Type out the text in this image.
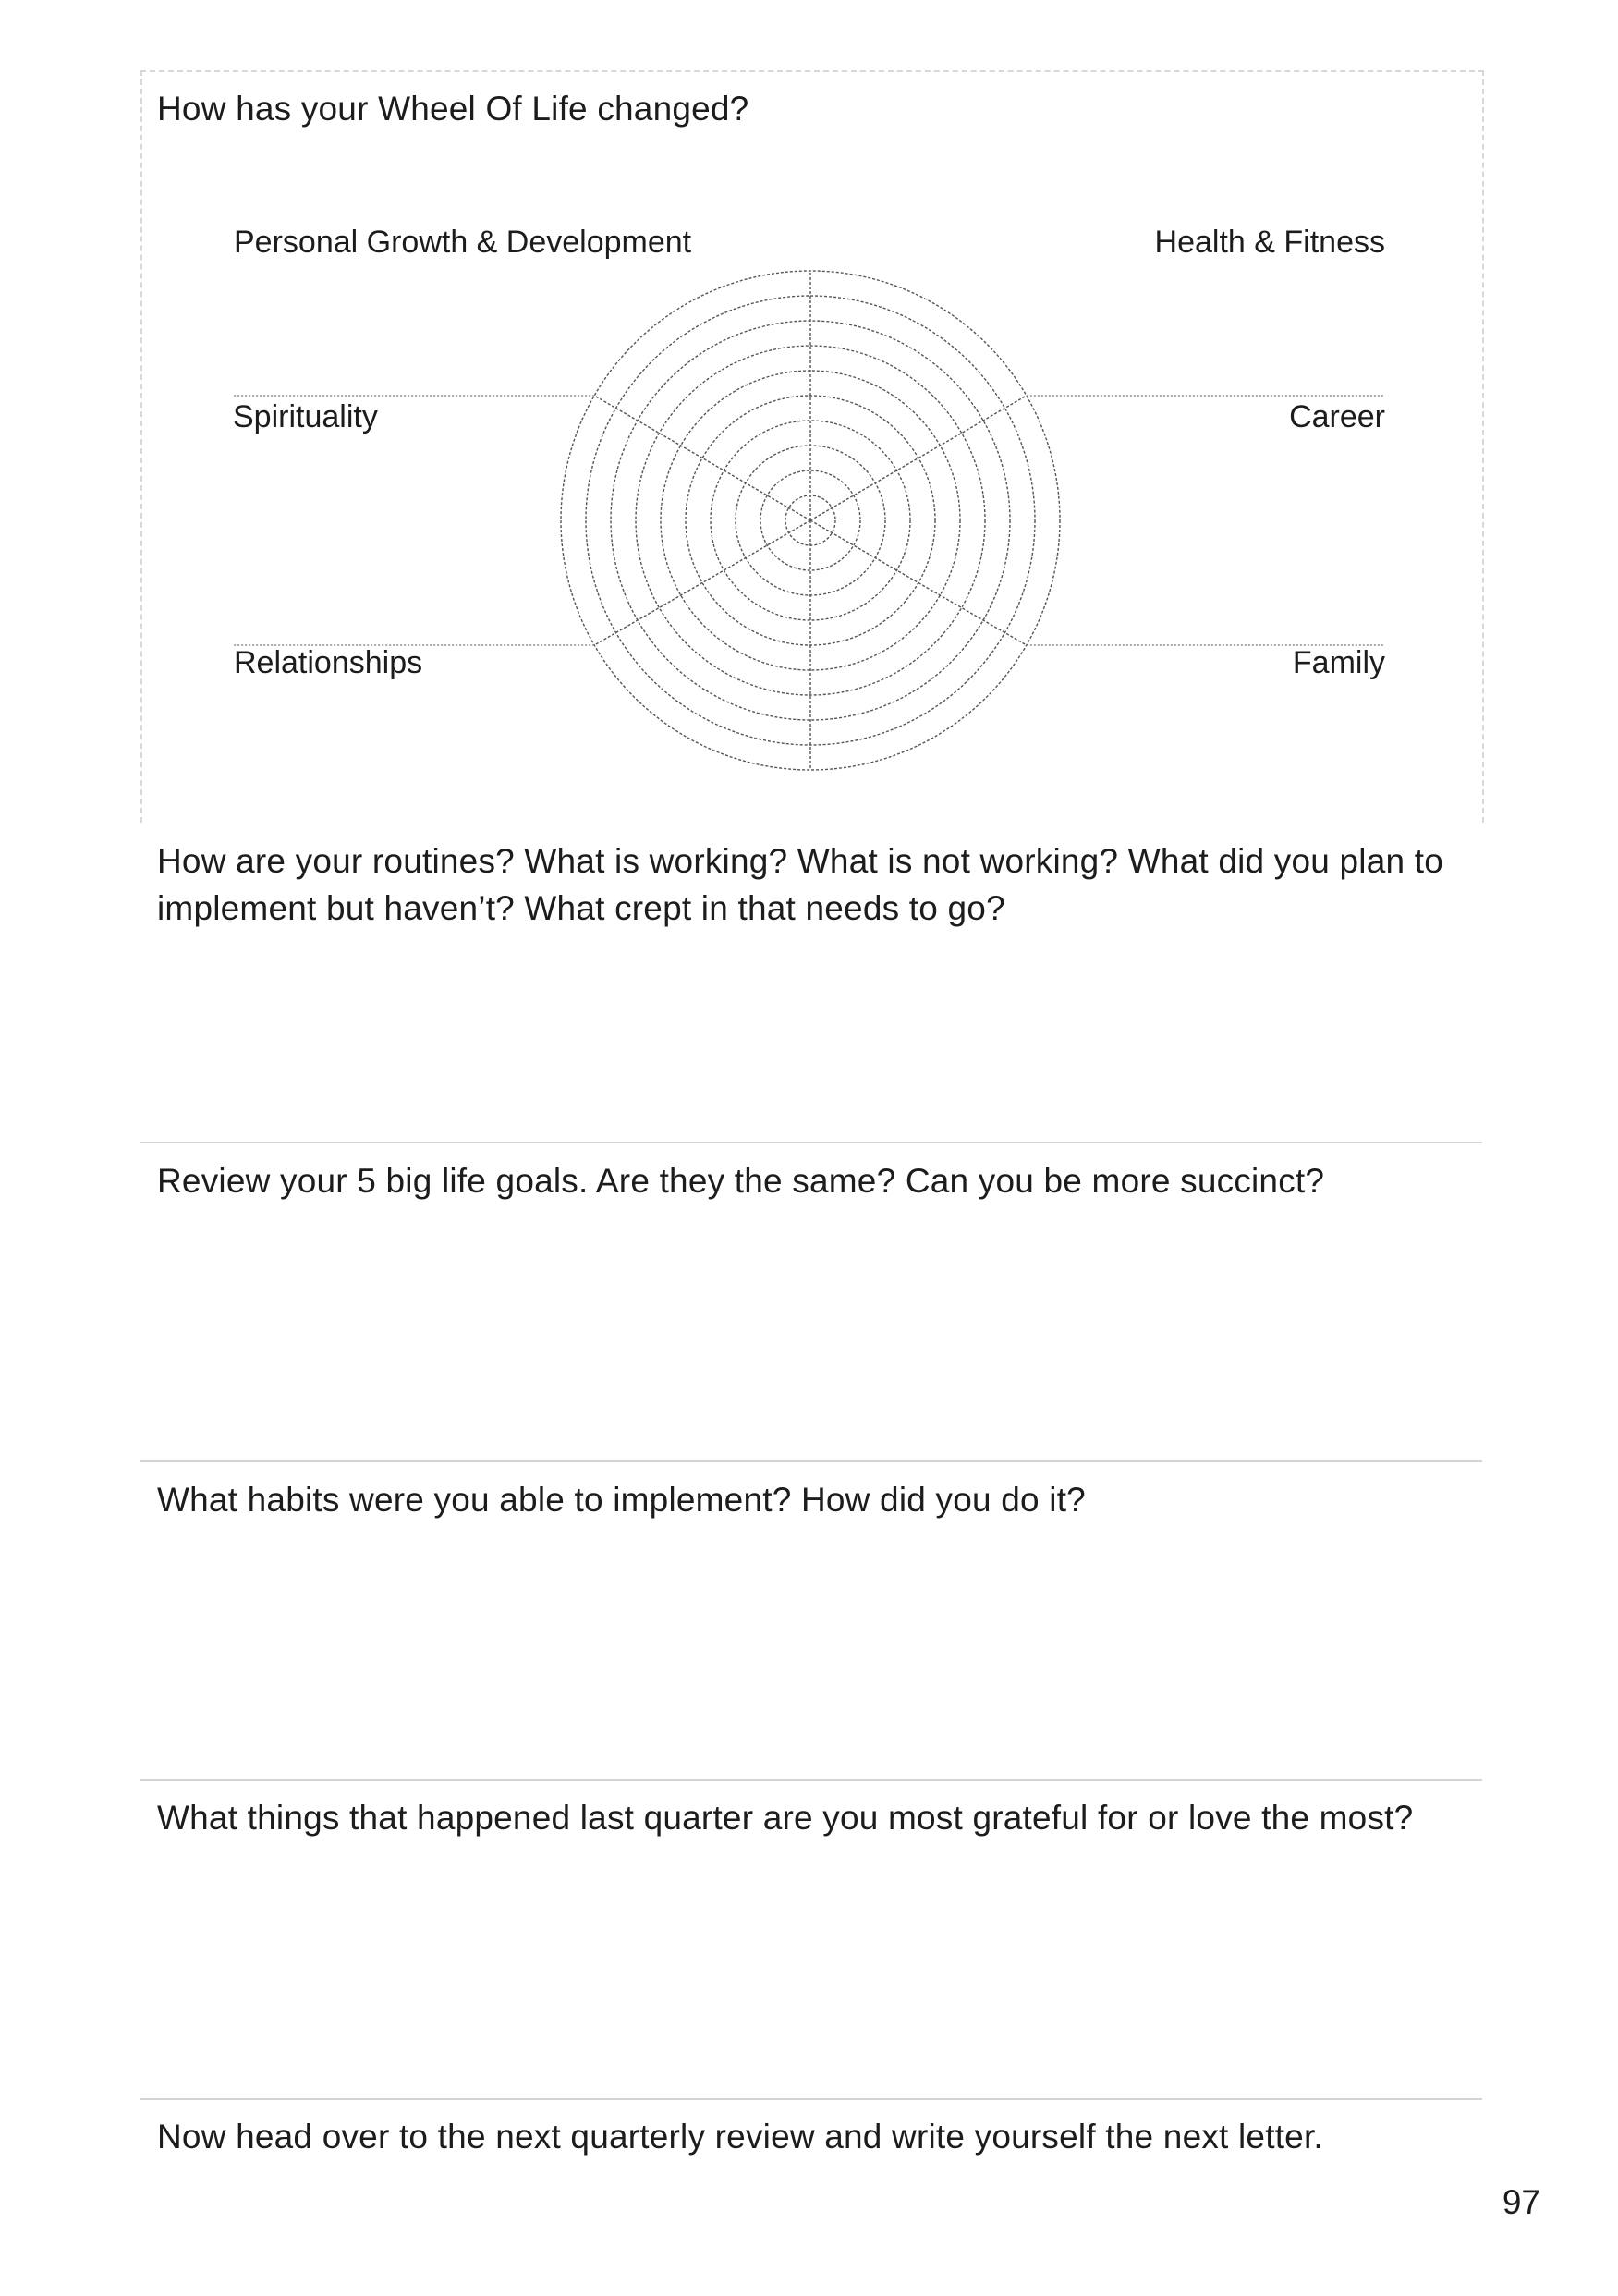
How has your Wheel Of Life changed?

Personal Growth & Development	Health & Fitness
Spirituality	Career
Relationships	Family

How are your routines? What is working? What is not working? What did you plan to implement but haven’t? What crept in that needs to go?

Review your 5 big life goals. Are they the same? Can you be more succinct?

What habits were you able to implement? How did you do it?

What things that happened last quarter are you most grateful for or love the most?

Now head over to the next quarterly review and write yourself the next letter.

97
